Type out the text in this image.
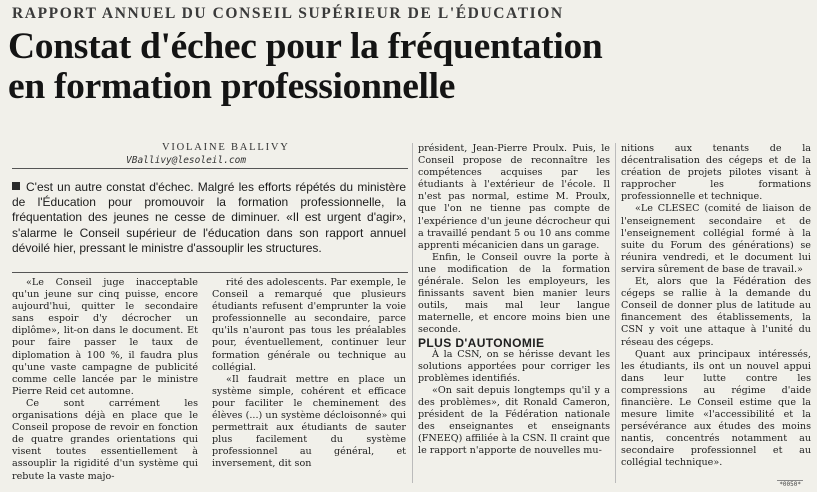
RAPPORT ANNUEL DU CONSEIL SUPÉRIEUR DE L'ÉDUCATION
Constat d'échec pour la fréquentation
en formation professionnelle
VIOLAINE BALLIVY
VBallivy@lesoleil.com
C'est un autre constat d'échec. Malgré les efforts répétés du ministère de l'Éducation pour promouvoir la formation professionnelle, la fréquentation des jeunes ne cesse de diminuer. «Il est urgent d'agir», s'alarme le Conseil supérieur de l'éducation dans son rapport annuel dévoilé hier, pressant le ministre d'assouplir les structures.

«Le Conseil juge inacceptable qu'un jeune sur cinq puisse, encore aujourd'hui, quitter le secondaire sans espoir d'y décrocher un diplôme», lit-on dans le document. Et pour faire passer le taux de diplomation à 100 %, il faudra plus qu'une vaste campagne de publicité comme celle lancée par le ministre Pierre Reid cet automne.

Ce sont carrément les organisations déjà en place que le Conseil propose de revoir en fonction de quatre grandes orientations qui visent toutes essentiellement à assouplir la rigidité d'un système qui rebute la vaste majo-

rité des adolescents. Par exemple, le Conseil a remarqué que plusieurs étudiants refusent d'emprunter la voie professionnelle au secondaire, parce qu'ils n'auront pas tous les préalables pour, éventuellement, continuer leur formation générale ou technique au collégial.

«Il faudrait mettre en place un système simple, cohérent et efficace pour faciliter le cheminement des élèves (...) un système décloisonné» qui permettrait aux étudiants de sauter plus facilement du système professionnel au général, et inversement, dit son

président, Jean-Pierre Proulx. Puis, le Conseil propose de reconnaître les compétences acquises par les étudiants à l'extérieur de l'école. Il n'est pas normal, estime M. Proulx, que l'on ne tienne pas compte de l'expérience d'un jeune décrocheur qui a travaillé pendant 5 ou 10 ans comme apprenti mécanicien dans un garage.

Enfin, le Conseil ouvre la porte à une modification de la formation générale. Selon les employeurs, les finissants savent bien manier leurs outils, mais mal leur langue maternelle, et encore moins bien une seconde.

PLUS D'AUTONOMIE

À la CSN, on se hérisse devant les solutions apportées pour corriger les problèmes identifiés.

«On sait depuis longtemps qu'il y a des problèmes», dit Ronald Cameron, président de la Fédération nationale des enseignantes et enseignants (FNEEQ) affiliée à la CSN. Il craint que le rapport n'apporte de nouvelles mu-

nitions aux tenants de la décentralisation des cégeps et de la création de projets pilotes visant à rapprocher les formations professionnelle et technique.

«Le CLESEC (comité de liaison de l'enseignement secondaire et de l'enseignement collégial formé à la suite du Forum des générations) se réunira vendredi, et le document lui servira sûrement de base de travail.»

Et, alors que la Fédération des cégeps se rallie à la demande du Conseil de donner plus de latitude au financement des établissements, la CSN y voit une attaque à l'unité du réseau des cégeps.

Quant aux principaux intéressés, les étudiants, ils ont un nouvel appui dans leur lutte contre les compressions au régime d'aide financière. Le Conseil estime que la mesure limite «l'accessibilité et la persévérance aux études des moins nantis, concentrés notamment au secondaire professionnel et au collégial technique».

*0050*
